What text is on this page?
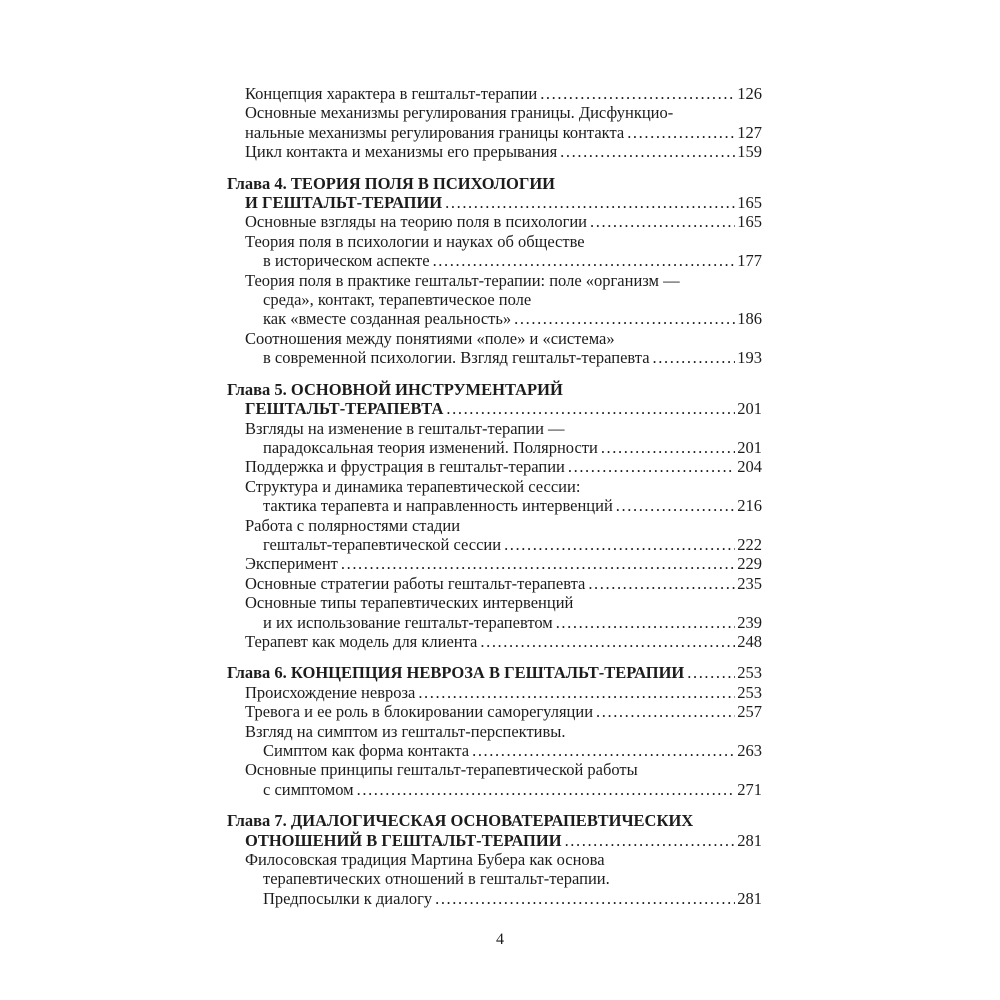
Концепция характера в гештальт-терапии .....	126
Основные механизмы регулирования границы. Дисфункцио-
нальные механизмы регулирования границы контакта .....	127
Цикл контакта и механизмы его прерывания .....	159
Глава 4. ТЕОРИЯ ПОЛЯ В ПСИХОЛОГИИ
И ГЕШТАЛЬТ-ТЕРАПИИ .....	165
Основные взгляды на теорию поля в психологии .....	165
Теория поля в психологии и науках об обществе
в историческом аспекте .....	177
Теория поля в практике гештальт-терапии: поле «организм —
среда», контакт, терапевтическое поле
как «вместе созданная реальность» .....	186
Соотношения между понятиями «поле» и «система»
в современной психологии. Взгляд гештальт-терапевта .....	193
Глава 5. ОСНОВНОЙ ИНСТРУМЕНТАРИЙ
ГЕШТАЛЬТ-ТЕРАПЕВТА .....	201
Взгляды на изменение в гештальт-терапии —
парадоксальная теория изменений. Полярности .....	201
Поддержка и фрустрация в гештальт-терапии .....	204
Структура и динамика терапевтической сессии:
тактика терапевта и направленность интервенций .....	216
Работа с полярностями стадии
гештальт-терапевтической сессии .....	222
Эксперимент .....	229
Основные стратегии работы гештальт-терапевта .....	235
Основные типы терапевтических интервенций
и их использование гештальт-терапевтом .....	239
Терапевт как модель для клиента .....	248
Глава 6. КОНЦЕПЦИЯ НЕВРОЗА В ГЕШТАЛЬТ-ТЕРАПИИ .....	253
Происхождение невроза .....	253
Тревога и ее роль в блокировании саморегуляции .....	257
Взгляд на симптом из гештальт-перспективы.
Симптом как форма контакта .....	263
Основные принципы гештальт-терапевтической работы
с симптомом .....	271
Глава 7. ДИАЛОГИЧЕСКАЯ ОСНОВАТЕРАПЕВТИЧЕСКИХ
ОТНОШЕНИЙ В ГЕШТАЛЬТ-ТЕРАПИИ .....	281
Филосовская традиция Мартина Бубера как основа
терапевтических отношений в гештальт-терапии.
Предпосылки к диалогу .....	281
4
